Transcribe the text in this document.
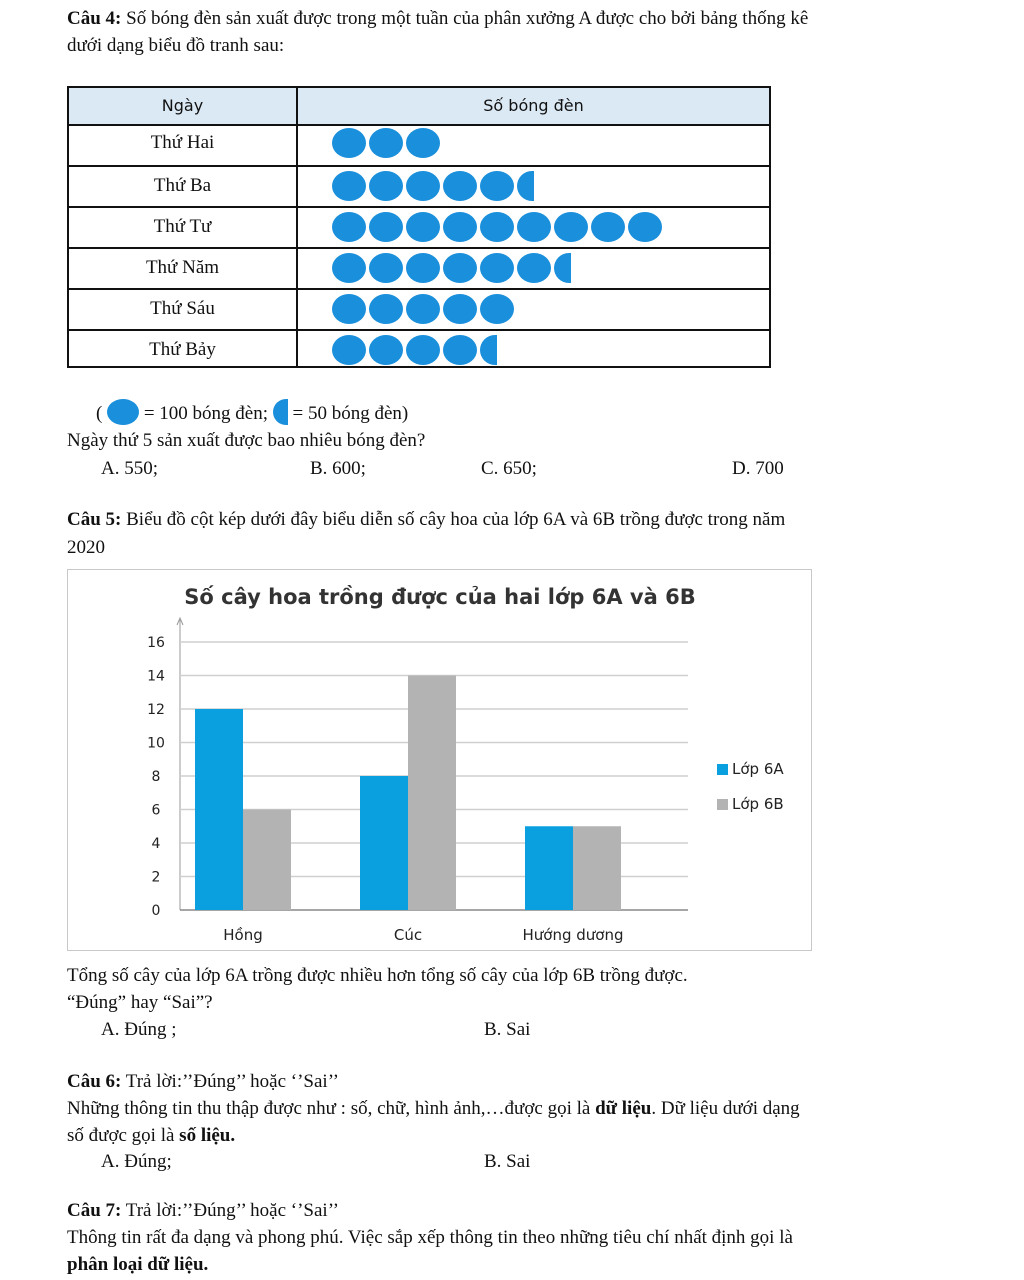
Câu 4: Số bóng đèn sản xuất được trong một tuần của phân xưởng A được cho bởi bảng thống kê
dưới dạng biểu đồ tranh sau:
Ngày	Số bóng đèn
Thứ Hai
Thứ Ba
Thứ Tư
Thứ Năm
Thứ Sáu
Thứ Bảy
( = 100 bóng đèn; = 50 bóng đèn)
Ngày thứ 5 sản xuất được bao nhiêu bóng đèn?
A. 550;	B. 600;	C. 650;	D. 700
Câu 5: Biểu đồ cột kép dưới đây biểu diễn số cây hoa của lớp 6A và 6B trồng được trong năm
2020
Số cây hoa trồng được của hai lớp 6A và 6B
0
2
4
6
8
10
12
14
16
Hồng	Cúc	Hướng dương
Lớp 6A
Lớp 6B
Tổng số cây của lớp 6A trồng được nhiều hơn tổng số cây của lớp 6B trồng được.
“Đúng” hay “Sai”?
A. Đúng ;	B. Sai
Câu 6: Trả lời:’’Đúng’’ hoặc ‘’Sai’’
Những thông tin thu thập được như : số, chữ, hình ảnh,…được gọi là dữ liệu. Dữ liệu dưới dạng
số được gọi là số liệu.
A. Đúng;	B. Sai
Câu 7: Trả lời:’’Đúng’’ hoặc ‘’Sai’’
Thông tin rất đa dạng và phong phú. Việc sắp xếp thông tin theo những tiêu chí nhất định gọi là
phân loại dữ liệu.
